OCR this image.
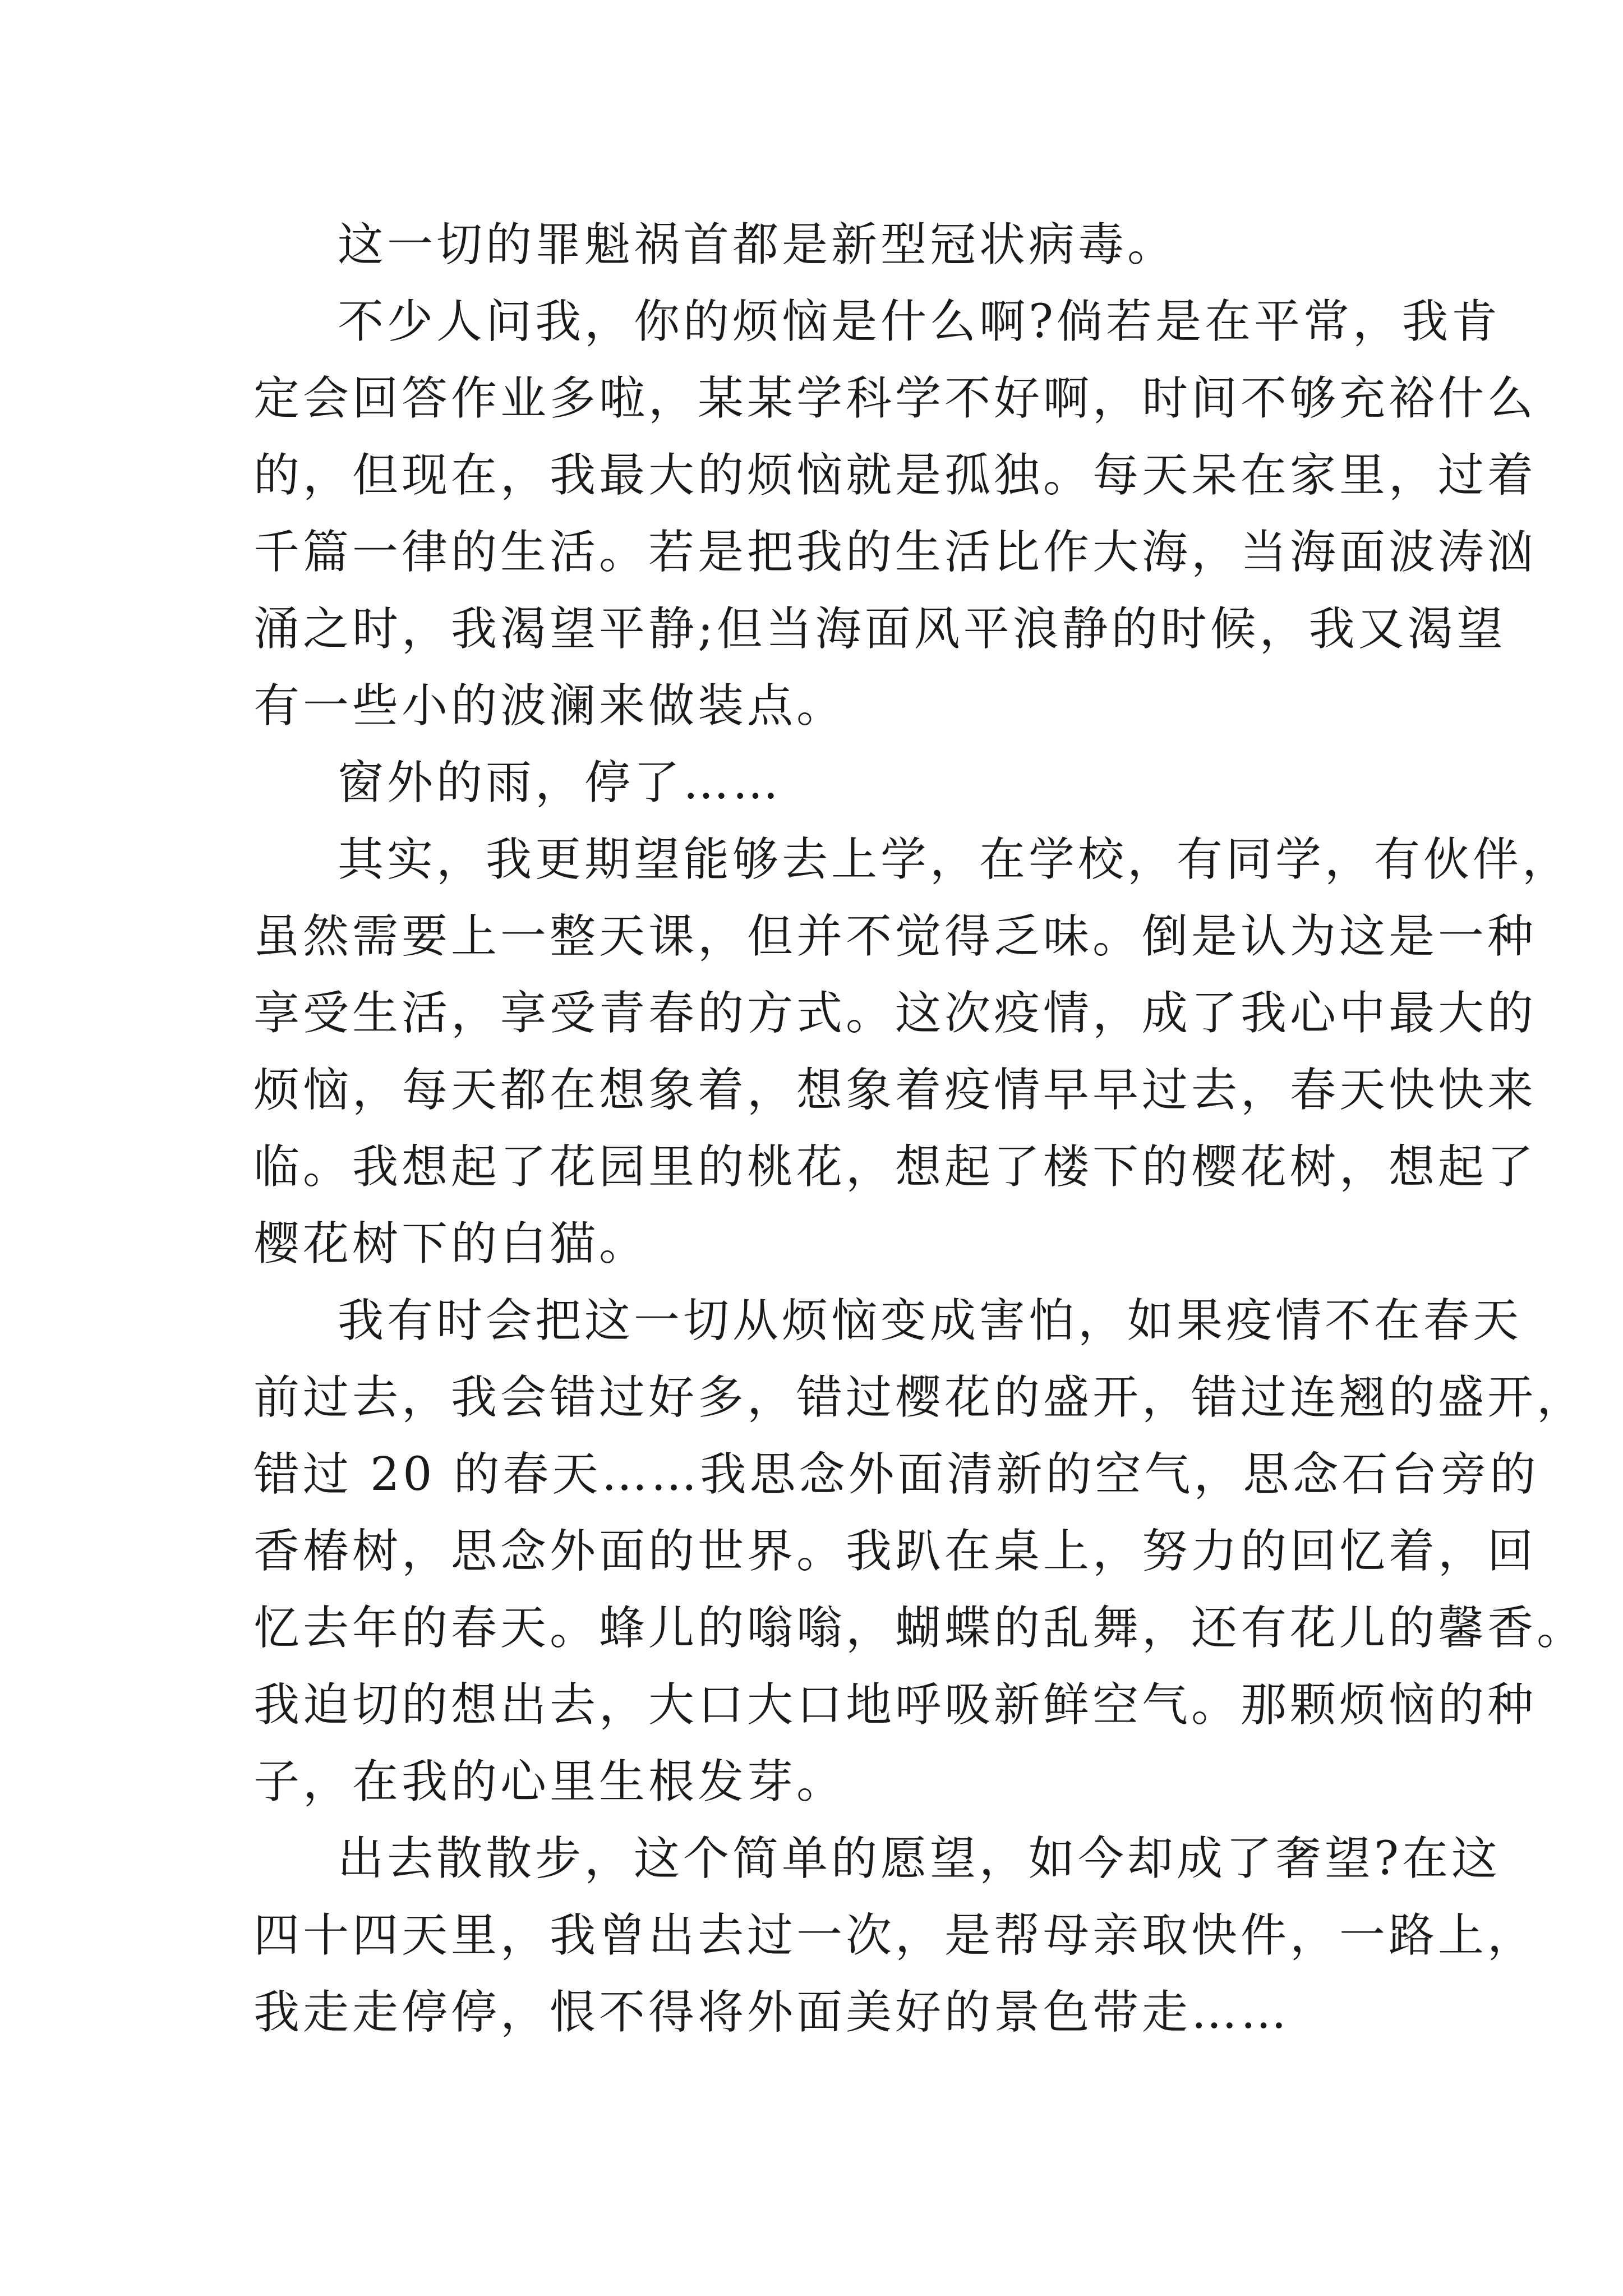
这一切的罪魁祸首都是新型冠状病毒。
不少人问我，你的烦恼是什么啊?倘若是在平常，我肯
定会回答作业多啦，某某学科学不好啊，时间不够充裕什么
的，但现在，我最大的烦恼就是孤独。每天呆在家里，过着
千篇一律的生活。若是把我的生活比作大海，当海面波涛汹
涌之时，我渴望平静;但当海面风平浪静的时候，我又渴望
有一些小的波澜来做装点。
窗外的雨，停了……
其实，我更期望能够去上学，在学校，有同学，有伙伴，
虽然需要上一整天课，但并不觉得乏味。倒是认为这是一种
享受生活，享受青春的方式。这次疫情，成了我心中最大的
烦恼，每天都在想象着，想象着疫情早早过去，春天快快来
临。我想起了花园里的桃花，想起了楼下的樱花树，想起了
樱花树下的白猫。
我有时会把这一切从烦恼变成害怕，如果疫情不在春天
前过去，我会错过好多，错过樱花的盛开，错过连翘的盛开，
错过 20 的春天……我思念外面清新的空气，思念石台旁的
香椿树，思念外面的世界。我趴在桌上，努力的回忆着，回
忆去年的春天。蜂儿的嗡嗡，蝴蝶的乱舞，还有花儿的馨香。
我迫切的想出去，大口大口地呼吸新鲜空气。那颗烦恼的种
子，在我的心里生根发芽。
出去散散步，这个简单的愿望，如今却成了奢望?在这
四十四天里，我曾出去过一次，是帮母亲取快件，一路上，
我走走停停，恨不得将外面美好的景色带走……
